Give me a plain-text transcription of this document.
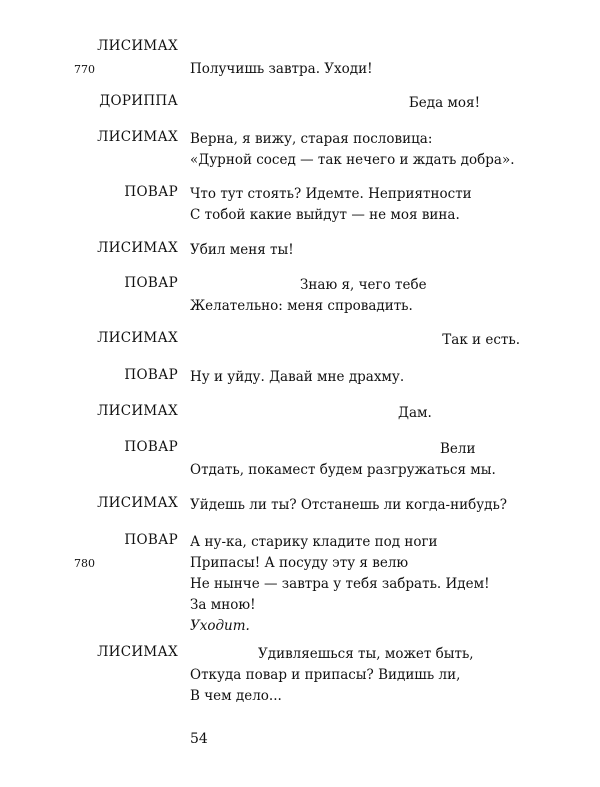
ЛИСИМАХ
770	Получишь завтра. Уходи!
ДОРИППА	Беда моя!
ЛИСИМАХ Верна, я вижу, старая пословица:
«Дурной сосед — так нечего и ждать добра».
ПОВАР Что тут стоять? Идемте. Неприятности
С тобой какие выйдут — не моя вина.
ЛИСИМАХ Убил меня ты!
ПОВАР	Знаю я, чего тебе
Желательно: меня спровадить.
ЛИСИМАХ	Так и есть.
ПОВАР Ну и уйду. Давай мне драхму.
ЛИСИМАХ	Дам.
ПОВАР	Вели
Отдать, покамест будем разгружаться мы.
ЛИСИМАХ Уйдешь ли ты? Отстанешь ли когда-нибудь?
ПОВАР А ну-ка, старику кладите под ноги
780	Припасы! А посуду эту я велю
Не нынче — завтра у тебя забрать. Идем!
За мною!
Уходит.
ЛИСИМАХ	Удивляешься ты, может быть,
Откуда повар и припасы? Видишь ли,
В чем дело...
54
